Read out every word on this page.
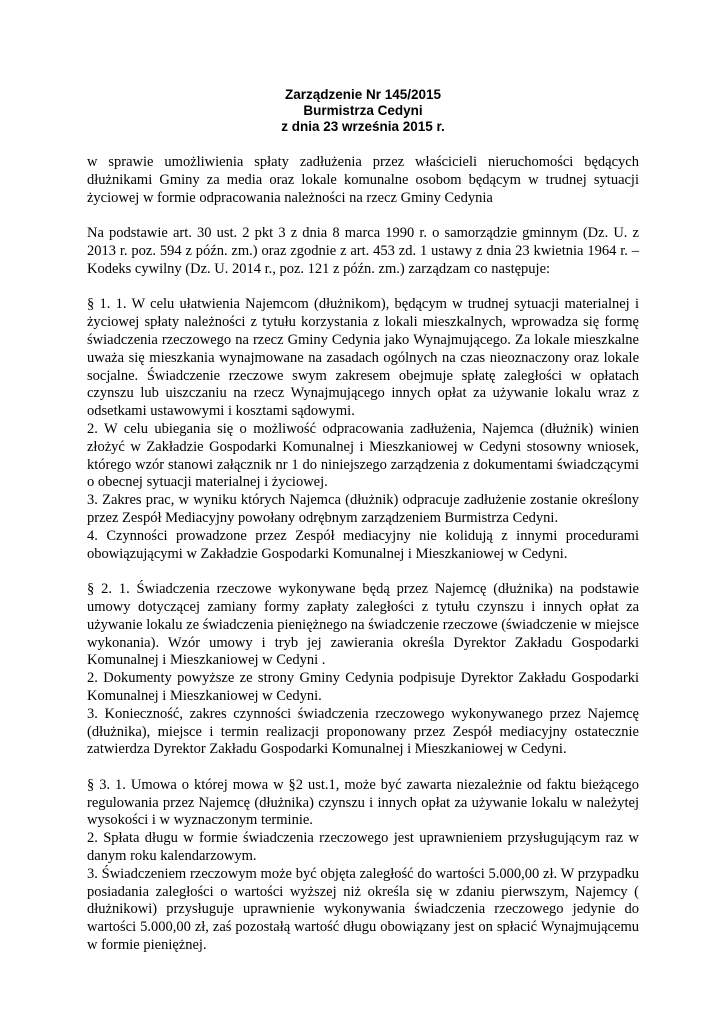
Zarządzenie Nr 145/2015
Burmistrza Cedyni
z dnia 23 września 2015 r.

w sprawie umożliwienia spłaty zadłużenia przez właścicieli nieruchomości będących dłużnikami Gminy za media oraz lokale komunalne osobom będącym w trudnej sytuacji życiowej w formie odpracowania należności na rzecz Gminy Cedynia

Na podstawie art. 30 ust. 2 pkt 3 z dnia 8 marca 1990 r. o samorządzie gminnym (Dz. U. z 2013 r. poz. 594 z późn. zm.) oraz zgodnie z art. 453 zd. 1 ustawy z dnia 23 kwietnia 1964 r. – Kodeks cywilny (Dz. U. 2014 r., poz. 121 z późn. zm.) zarządzam co następuje:

§ 1. 1. W celu ułatwienia Najemcom (dłużnikom), będącym w trudnej sytuacji materialnej i życiowej spłaty należności z tytułu korzystania z lokali mieszkalnych, wprowadza się formę świadczenia rzeczowego na rzecz Gminy Cedynia jako Wynajmującego. Za lokale mieszkalne uważa się mieszkania wynajmowane na zasadach ogólnych na czas nieoznaczony oraz lokale socjalne. Świadczenie rzeczowe swym zakresem obejmuje spłatę zaległości w opłatach czynszu lub uiszczaniu na rzecz Wynajmującego innych opłat za używanie lokalu wraz z odsetkami ustawowymi i kosztami sądowymi.
2. W celu ubiegania się o możliwość odpracowania zadłużenia, Najemca (dłużnik) winien złożyć w Zakładzie Gospodarki Komunalnej i Mieszkaniowej w Cedyni stosowny wniosek, którego wzór stanowi załącznik nr 1 do niniejszego zarządzenia z dokumentami świadczącymi o obecnej sytuacji materialnej i życiowej.
3. Zakres prac, w wyniku których Najemca (dłużnik) odpracuje zadłużenie zostanie określony przez Zespół Mediacyjny powołany odrębnym zarządzeniem Burmistrza Cedyni.
4. Czynności prowadzone przez Zespół mediacyjny nie kolidują z innymi procedurami obowiązującymi w Zakładzie Gospodarki Komunalnej i Mieszkaniowej w Cedyni.
§ 2. 1. Świadczenia rzeczowe wykonywane będą przez Najemcę (dłużnika) na podstawie umowy dotyczącej zamiany formy zapłaty zaległości z tytułu czynszu i innych opłat za używanie lokalu ze świadczenia pieniężnego na świadczenie rzeczowe (świadczenie w miejsce wykonania). Wzór umowy i tryb jej zawierania określa Dyrektor Zakładu Gospodarki Komunalnej i Mieszkaniowej w Cedyni .
2. Dokumenty powyższe ze strony Gminy Cedynia podpisuje Dyrektor Zakładu Gospodarki Komunalnej i Mieszkaniowej w Cedyni.
3. Konieczność, zakres czynności świadczenia rzeczowego wykonywanego przez Najemcę (dłużnika), miejsce i termin realizacji proponowany przez Zespół mediacyjny ostatecznie zatwierdza Dyrektor Zakładu Gospodarki Komunalnej i Mieszkaniowej w Cedyni.
§ 3. 1. Umowa o której mowa w §2 ust.1, może być zawarta niezależnie od faktu bieżącego regulowania przez Najemcę (dłużnika) czynszu i innych opłat za używanie lokalu w należytej wysokości i w wyznaczonym terminie.
2. Spłata długu w formie świadczenia rzeczowego jest uprawnieniem przysługującym raz w danym roku kalendarzowym.
3. Świadczeniem rzeczowym może być objęta zaległość do wartości 5.000,00 zł. W przypadku posiadania zaległości o wartości wyższej niż określa się w zdaniu pierwszym, Najemcy ( dłużnikowi) przysługuje uprawnienie wykonywania świadczenia rzeczowego jedynie do wartości 5.000,00 zł, zaś pozostałą wartość długu obowiązany jest on spłacić Wynajmującemu w formie pieniężnej.
